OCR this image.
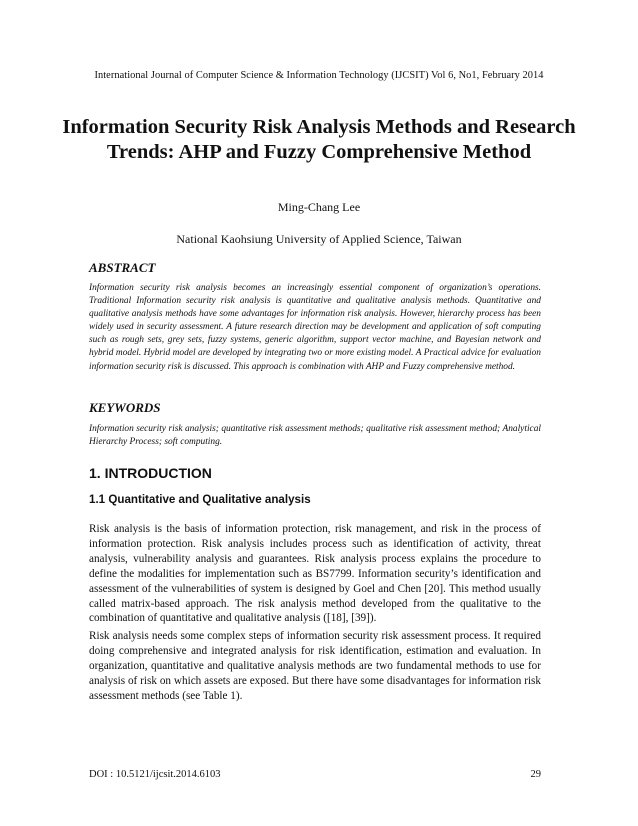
International Journal of Computer Science & Information Technology (IJCSIT) Vol 6, No1, February 2014
Information Security Risk Analysis Methods and Research Trends: AHP and Fuzzy Comprehensive Method
Ming-Chang Lee
National Kaohsiung University of Applied Science, Taiwan
ABSTRACT
Information security risk analysis becomes an increasingly essential component of organization’s operations. Traditional Information security risk analysis is quantitative and qualitative analysis methods. Quantitative and qualitative analysis methods have some advantages for information risk analysis. However, hierarchy process has been widely used in security assessment. A future research direction may be development and application of soft computing such as rough sets, grey sets, fuzzy systems, generic algorithm, support vector machine, and Bayesian network and hybrid model. Hybrid model are developed by integrating two or more existing model. A Practical advice for evaluation information security risk is discussed. This approach is combination with AHP and Fuzzy comprehensive method.
KEYWORDS
Information security risk analysis; quantitative risk assessment methods; qualitative risk assessment method; Analytical Hierarchy Process; soft computing.
1. INTRODUCTION
1.1 Quantitative and Qualitative analysis
Risk analysis is the basis of information protection, risk management, and risk in the process of information protection. Risk analysis includes process such as identification of activity, threat analysis, vulnerability analysis and guarantees. Risk analysis process explains the procedure to define the modalities for implementation such as BS7799. Information security’s identification and assessment of the vulnerabilities of system is designed by Goel and Chen [20]. This method usually called matrix-based approach. The risk analysis method developed from the qualitative to the combination of quantitative and qualitative analysis ([18], [39]).
Risk analysis needs some complex steps of information security risk assessment process. It required doing comprehensive and integrated analysis for risk identification, estimation and evaluation. In organization, quantitative and qualitative analysis methods are two fundamental methods to use for analysis of risk on which assets are exposed. But there have some disadvantages for information risk assessment methods (see Table 1).
DOI : 10.5121/ijcsit.2014.6103	29
